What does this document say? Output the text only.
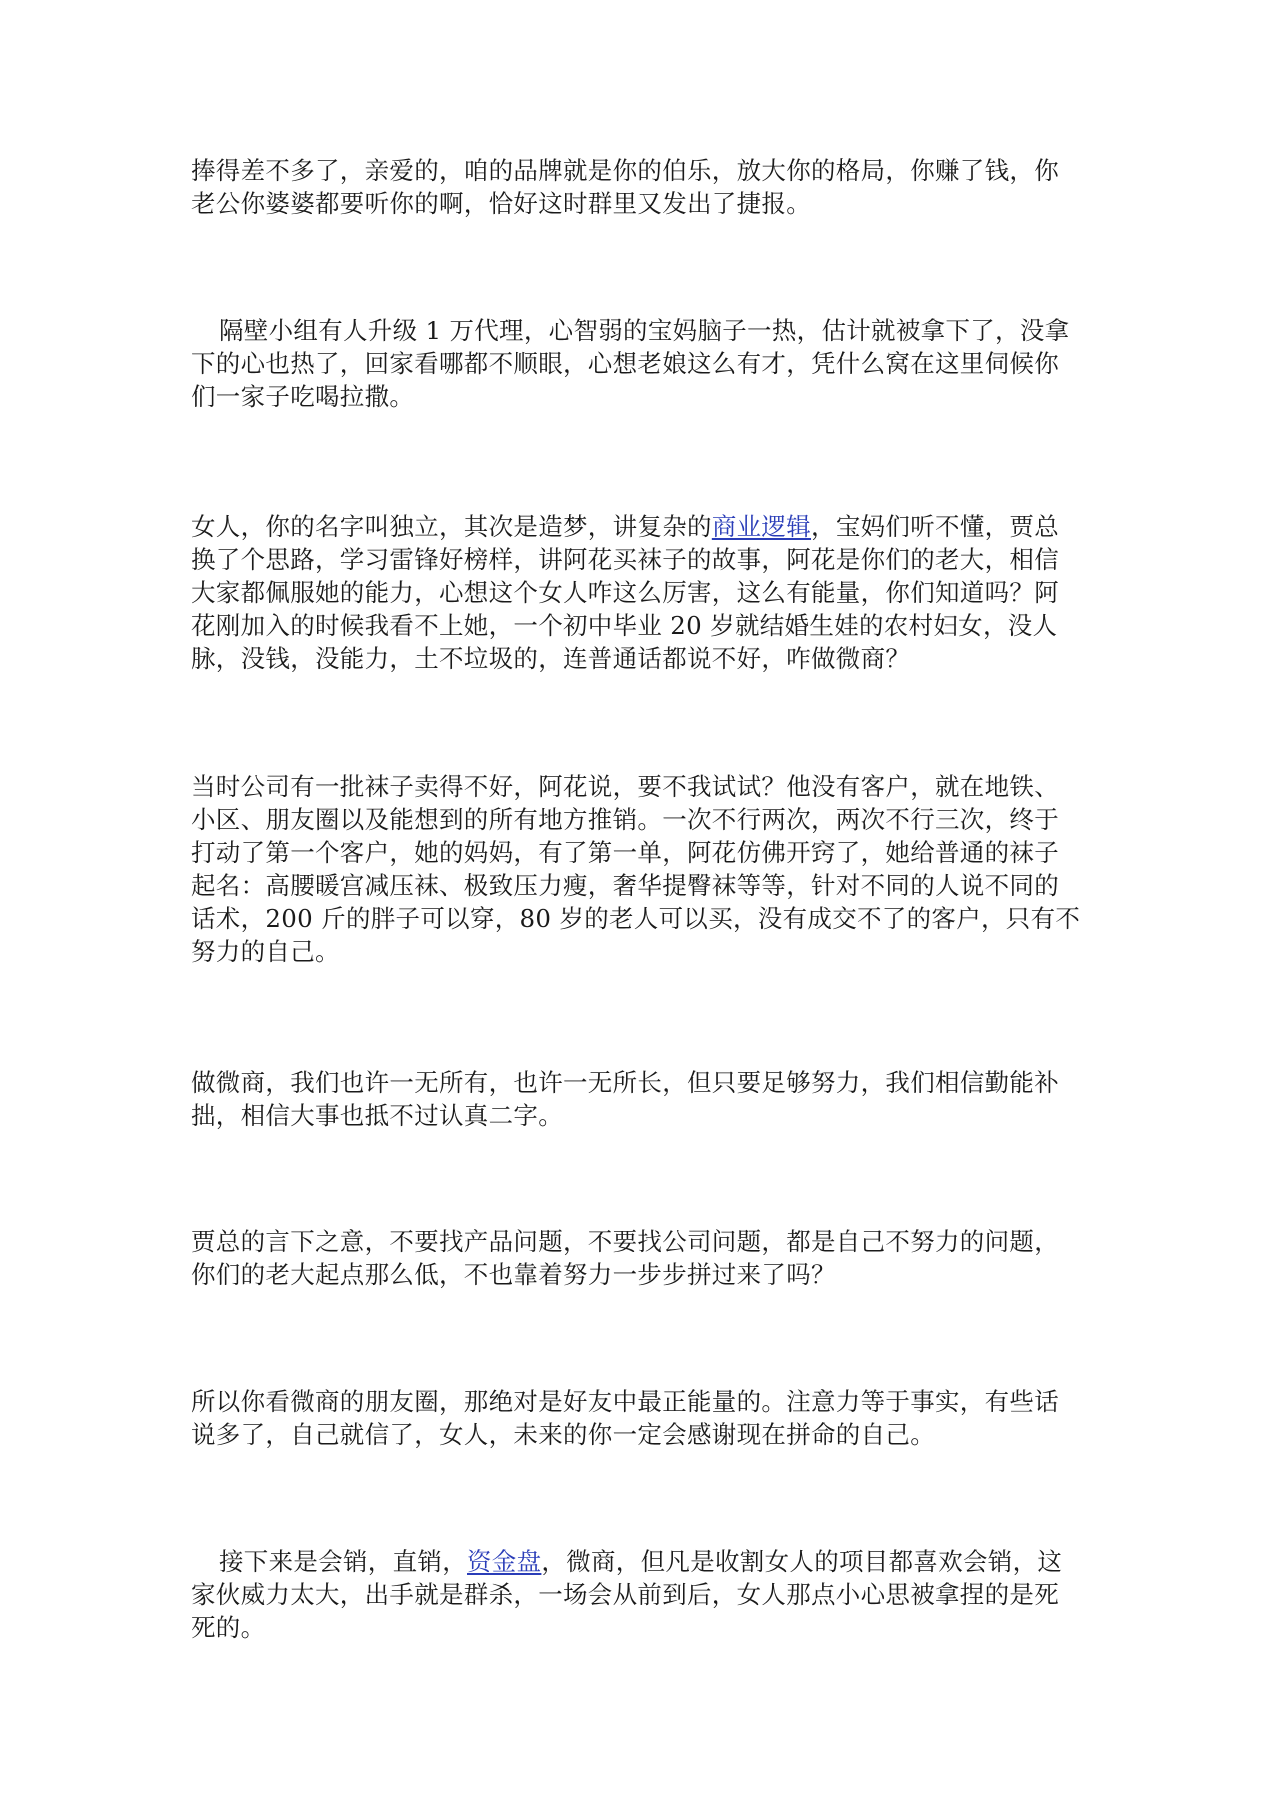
捧得差不多了，亲爱的，咱的品牌就是你的伯乐，放大你的格局，你赚了钱，你老公你婆婆都要听你的啊，恰好这时群里又发出了捷报。

隔壁小组有人升级 1 万代理，心智弱的宝妈脑子一热，估计就被拿下了，没拿下的心也热了，回家看哪都不顺眼，心想老娘这么有才，凭什么窝在这里伺候你们一家子吃喝拉撒。

女人，你的名字叫独立，其次是造梦，讲复杂的商业逻辑，宝妈们听不懂，贾总换了个思路，学习雷锋好榜样，讲阿花买袜子的故事，阿花是你们的老大，相信大家都佩服她的能力，心想这个女人咋这么厉害，这么有能量，你们知道吗？阿花刚加入的时候我看不上她，一个初中毕业 20 岁就结婚生娃的农村妇女，没人脉，没钱，没能力，土不垃圾的，连普通话都说不好，咋做微商？

当时公司有一批袜子卖得不好，阿花说，要不我试试？他没有客户，就在地铁、小区、朋友圈以及能想到的所有地方推销。一次不行两次，两次不行三次，终于打动了第一个客户，她的妈妈，有了第一单，阿花仿佛开窍了，她给普通的袜子起名：高腰暖宫减压袜、极致压力瘦，奢华提臀袜等等，针对不同的人说不同的话术，200 斤的胖子可以穿，80 岁的老人可以买，没有成交不了的客户，只有不努力的自己。

做微商，我们也许一无所有，也许一无所长，但只要足够努力，我们相信勤能补拙，相信大事也抵不过认真二字。

贾总的言下之意，不要找产品问题，不要找公司问题，都是自己不努力的问题，你们的老大起点那么低，不也靠着努力一步步拼过来了吗？

所以你看微商的朋友圈，那绝对是好友中最正能量的。注意力等于事实，有些话说多了，自己就信了，女人，未来的你一定会感谢现在拼命的自己。

接下来是会销，直销，资金盘，微商，但凡是收割女人的项目都喜欢会销，这家伙威力太大，出手就是群杀，一场会从前到后，女人那点小心思被拿捏的是死死的。
